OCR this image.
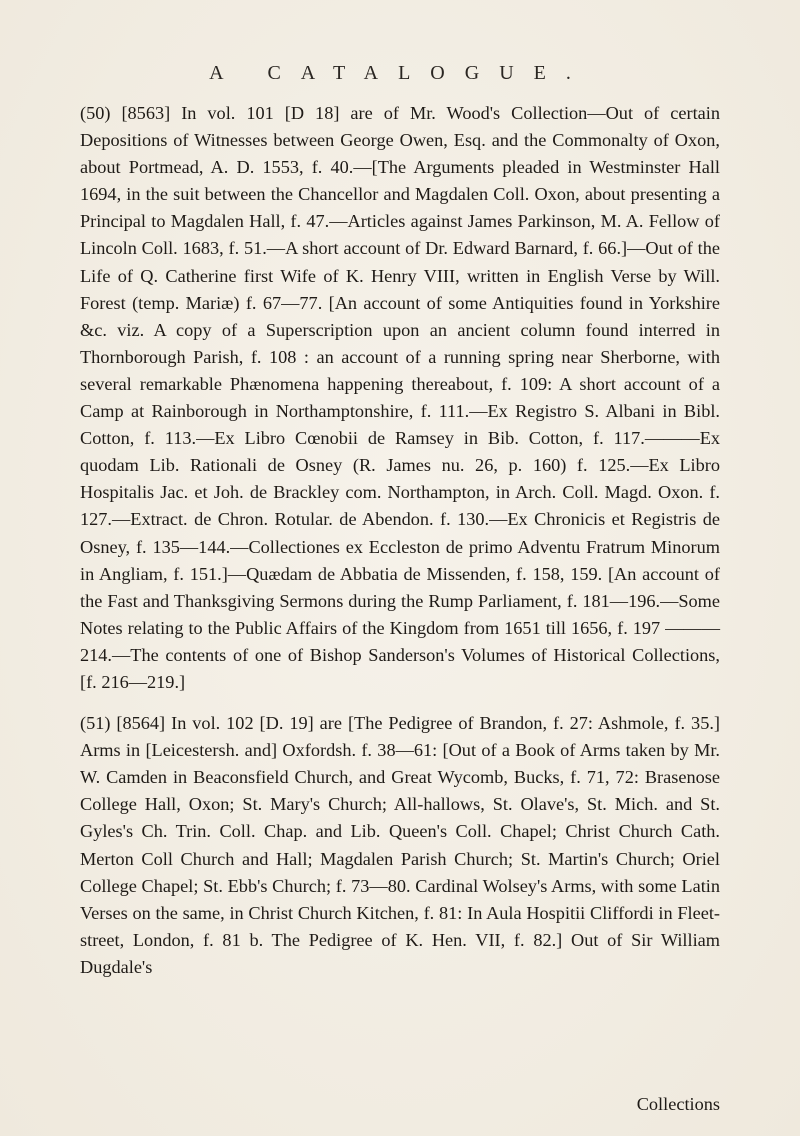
A CATALOGUE.

(50) [8563] In vol. 101 [D 18] are of Mr. Wood's Collection—Out of certain Depositions of Witnesses between George Owen, Esq. and the Commonalty of Oxon, about Portmead, A. D. 1553, f. 40.—[The Arguments pleaded in Westminster Hall 1694, in the suit between the Chancellor and Magdalen Coll. Oxon, about presenting a Principal to Magdalen Hall, f. 47.—Articles against James Parkinson, M. A. Fellow of Lincoln Coll. 1683, f. 51.—A short account of Dr. Edward Barnard, f. 66.]—Out of the Life of Q. Catherine first Wife of K. Henry VIII, written in English Verse by Will. Forest (temp. Mariæ) f. 67—77. [An account of some Antiquities found in Yorkshire &c. viz. A copy of a Superscription upon an ancient column found interred in Thornborough Parish, f. 108 : an account of a running spring near Sherborne, with several remarkable Phænomena happening thereabout, f. 109: A short account of a Camp at Rainborough in Northamptonshire, f. 111.—Ex Registro S. Albani in Bibl. Cotton, f. 113.—Ex Libro Cœnobii de Ramsey in Bib. Cotton, f. 117.———Ex quodam Lib. Rationali de Osney (R. James nu. 26, p. 160) f. 125.—Ex Libro Hospitalis Jac. et Joh. de Brackley com. Northampton, in Arch. Coll. Magd. Oxon. f. 127.—Extract. de Chron. Rotular. de Abendon. f. 130.—Ex Chronicis et Registris de Osney, f. 135—144.—Collectiones ex Eccleston de primo Adventu Fratrum Minorum in Angliam, f. 151.]—Quædam de Abbatia de Missenden, f. 158, 159. [An account of the Fast and Thanksgiving Sermons during the Rump Parliament, f. 181—196.—Some Notes relating to the Public Affairs of the Kingdom from 1651 till 1656, f. 197 ———214.—The contents of one of Bishop Sanderson's Volumes of Historical Collections, [f. 216—219.]

(51) [8564] In vol. 102 [D. 19] are [The Pedigree of Brandon, f. 27: Ashmole, f. 35.] Arms in [Leicestersh. and] Oxfordsh. f. 38—61: [Out of a Book of Arms taken by Mr. W. Camden in Beaconsfield Church, and Great Wycomb, Bucks, f. 71, 72: Brasenose College Hall, Oxon; St. Mary's Church; All-hallows, St. Olave's, St. Mich. and St. Gyles's Ch. Trin. Coll. Chap. and Lib. Queen's Coll. Chapel; Christ Church Cath. Merton Coll Church and Hall; Magdalen Parish Church; St. Martin's Church; Oriel College Chapel; St. Ebb's Church; f. 73—80. Cardinal Wolsey's Arms, with some Latin Verses on the same, in Christ Church Kitchen, f. 81: In Aula Hospitii Cliffordi in Fleet-street, London, f. 81 b. The Pedigree of K. Hen. VII, f. 82.] Out of Sir William Dugdale's

Collections
